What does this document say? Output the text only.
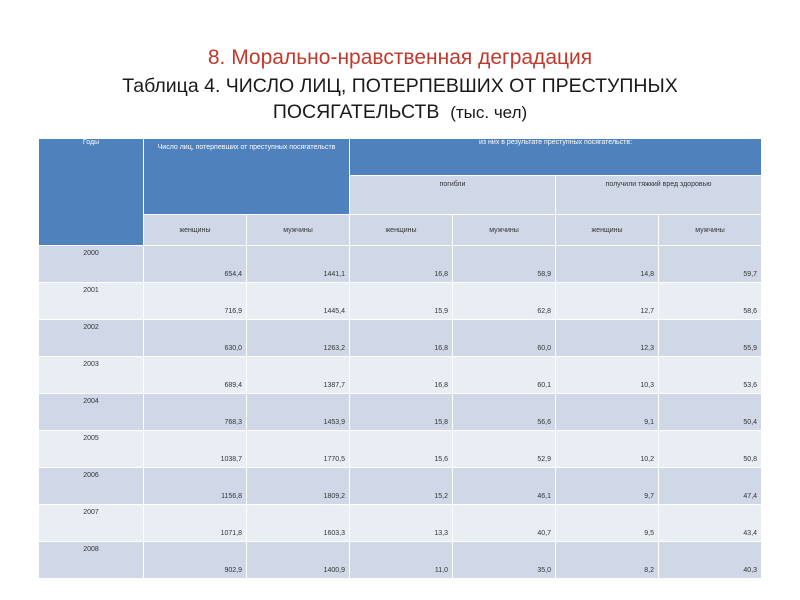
8. Морально-нравственная деградация
Таблица 4. ЧИСЛО ЛИЦ, ПОТЕРПЕВШИХ ОТ ПРЕСТУПНЫХ
ПОСЯГАТЕЛЬСТВ (тыс. чел)
Годы	Число лиц, потерпевших от преступных посягательств		из них в результате преступных посягательств:			
			погибли		получили тяжкий вред здоровью	
	женщины	мужчины	женщины	мужчины	женщины	мужчины
2000	654,4	1441,1	16,8	58,9	14,8	59,7
2001	716,9	1445,4	15,9	62,8	12,7	58,6
2002	630,0	1263,2	16,8	60,0	12,3	55,9
2003	689,4	1387,7	16,8	60,1	10,3	53,6
2004	768,3	1453,9	15,8	56,6	9,1	50,4
2005	1038,7	1770,5	15,6	52,9	10,2	50,8
2006	1156,8	1809,2	15,2	46,1	9,7	47,4
2007	1071,8	1603,3	13,3	40,7	9,5	43,4
2008	902,9	1400,9	11,0	35,0	8,2	40,3
